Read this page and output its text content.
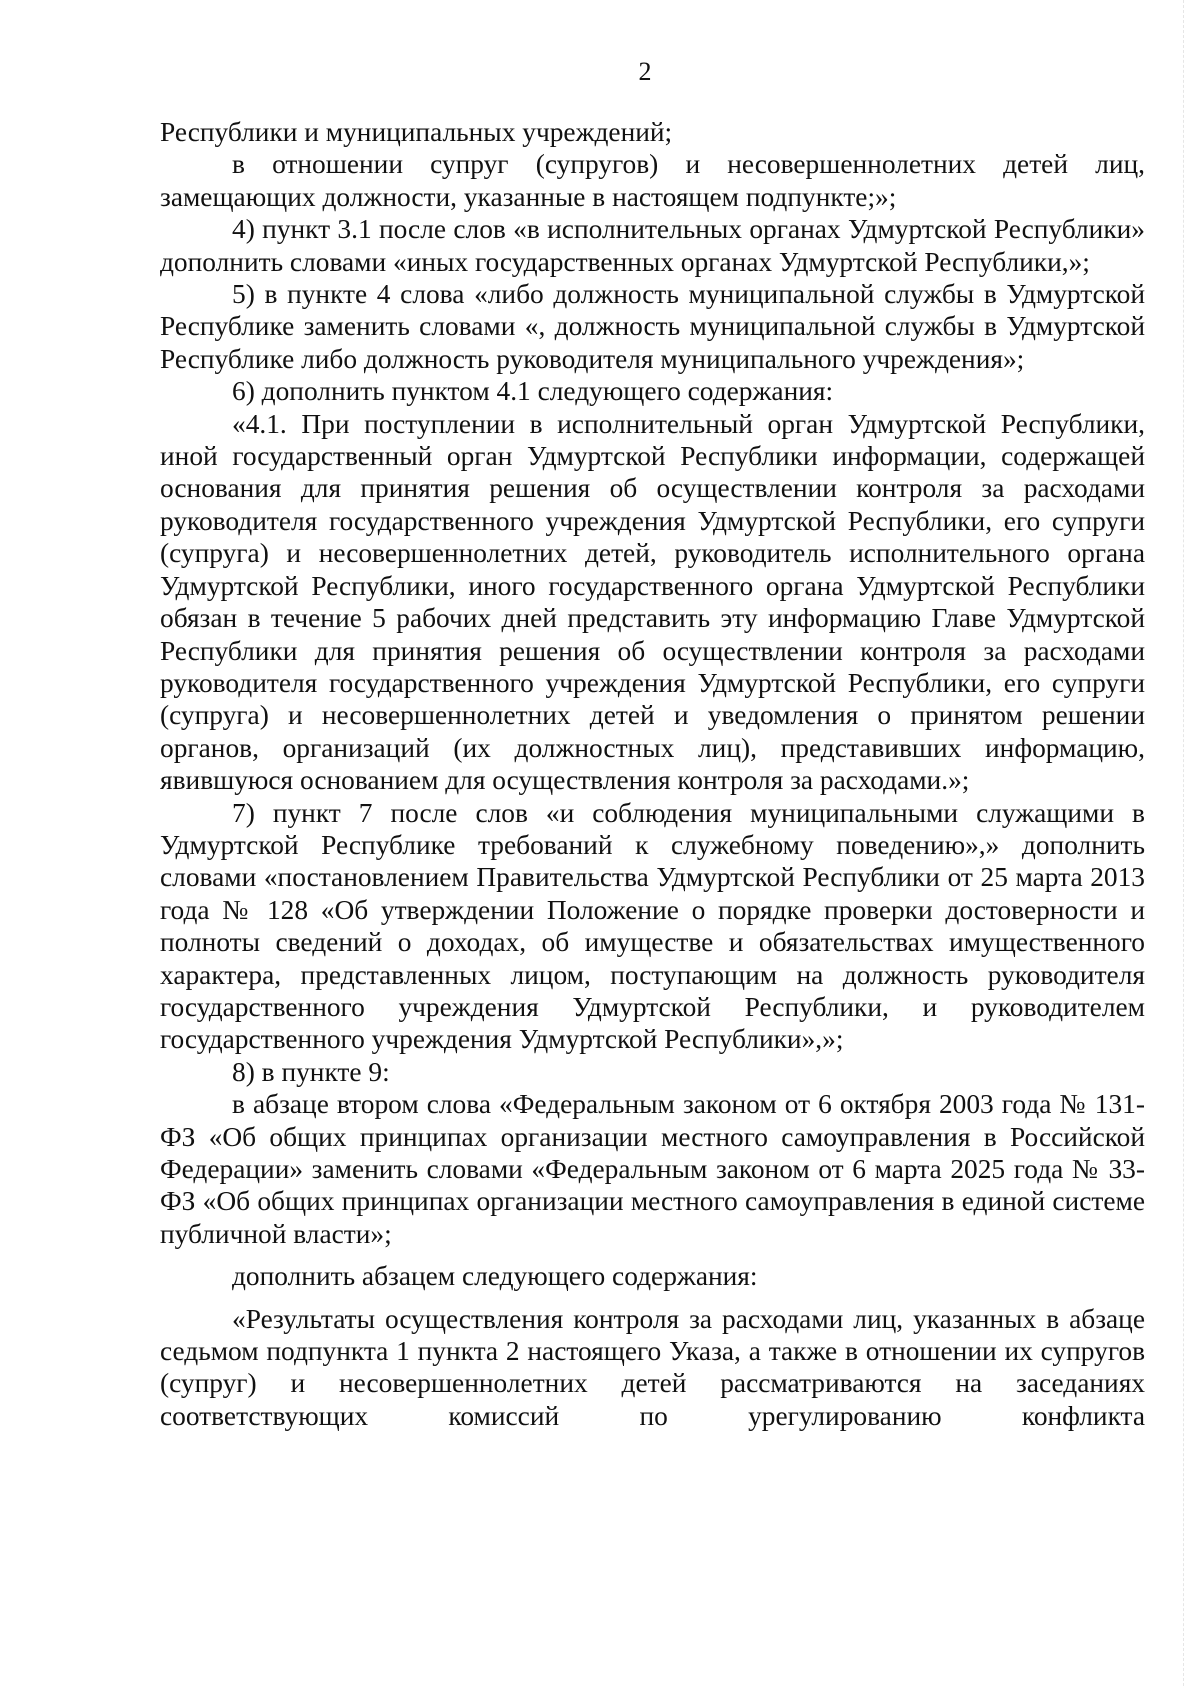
2

Республики и муниципальных учреждений;

в отношении супруг (супругов) и несовершеннолетних детей лиц, замещающих должности, указанные в настоящем подпункте;»;

4) пункт 3.1 после слов «в исполнительных органах Удмуртской Республики» дополнить словами «иных государственных органах Удмуртской Республики,»;

5) в пункте 4 слова «либо должность муниципальной службы в Удмуртской Республике заменить словами «, должность муниципальной службы в Удмуртской Республике либо должность руководителя муниципального учреждения»;

6) дополнить пунктом 4.1 следующего содержания:

«4.1. При поступлении в исполнительный орган Удмуртской Республики, иной государственный орган Удмуртской Республики информации, содержащей основания для принятия решения об осуществлении контроля за расходами руководителя государственного учреждения Удмуртской Республики, его супруги (супруга) и несовершеннолетних детей, руководитель исполнительного органа Удмуртской Республики, иного государственного органа Удмуртской Республики обязан в течение 5 рабочих дней представить эту информацию Главе Удмуртской Республики для принятия решения об осуществлении контроля за расходами руководителя государственного учреждения Удмуртской Республики, его супруги (супруга) и несовершеннолетних детей и уведомления о принятом решении органов, организаций (их должностных лиц), представивших информацию, явившуюся основанием для осуществления контроля за расходами.»;

7) пункт 7 после слов «и соблюдения муниципальными служащими в Удмуртской Республике требований к служебному поведению»,» дополнить словами «постановлением Правительства Удмуртской Республики от 25 марта 2013 года № 128 «Об утверждении Положение о порядке проверки достоверности и полноты сведений о доходах, об имуществе и обязательствах имущественного характера, представленных лицом, поступающим на должность руководителя государственного учреждения Удмуртской Республики, и руководителем государственного учреждения Удмуртской Республики»,»;

8) в пункте 9:

в абзаце втором слова «Федеральным законом от 6 октября 2003 года № 131-ФЗ «Об общих принципах организации местного самоуправления в Российской Федерации» заменить словами «Федеральным законом от 6 марта 2025 года № 33-ФЗ «Об общих принципах организации местного самоуправления в единой системе публичной власти»;

дополнить абзацем следующего содержания:

«Результаты осуществления контроля за расходами лиц, указанных в абзаце седьмом подпункта 1 пункта 2 настоящего Указа, а также в отношении их супругов (супруг) и несовершеннолетних детей рассматриваются на заседаниях соответствующих комиссий по урегулированию конфликта
